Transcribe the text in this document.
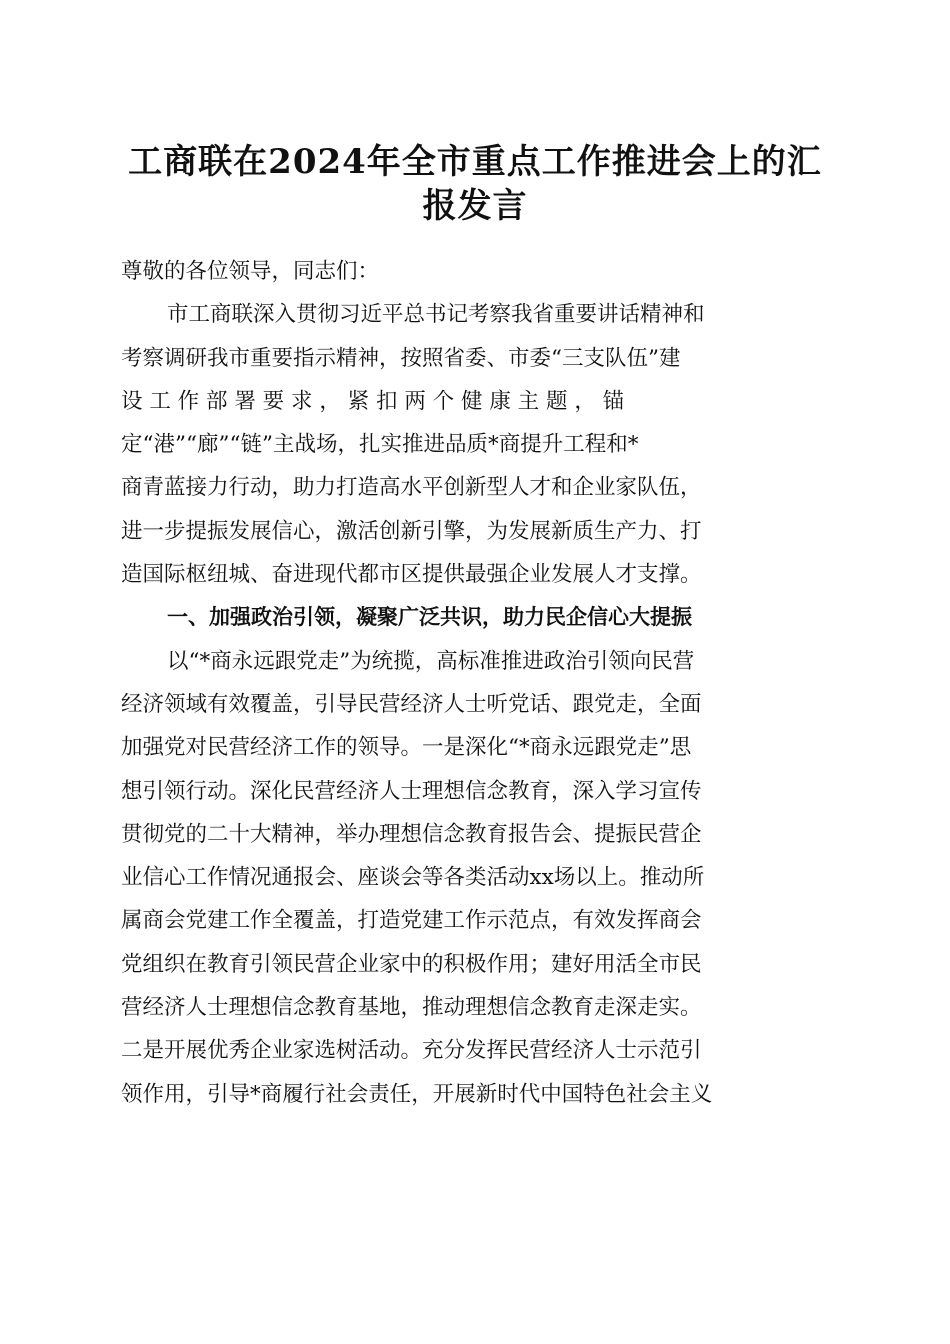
工商联在2024年全市重点工作推进会上的汇
报发言
尊敬的各位领导，同志们：
市工商联深入贯彻习近平总书记考察我省重要讲话精神和
考察调研我市重要指示精神，按照省委、市委“三支队伍”建
设 工 作 部 署 要 求 ， 紧 扣 两 个 健 康 主 题 ， 锚
定“港”“廊”“链”主战场，扎实推进品质*商提升工程和*
商青蓝接力行动，助力打造高水平创新型人才和企业家队伍，
进一步提振发展信心，激活创新引擎，为发展新质生产力、打
造国际枢纽城、奋进现代都市区提供最强企业发展人才支撑。
一、加强政治引领，凝聚广泛共识，助力民企信心大提振
以“*商永远跟党走”为统揽，高标准推进政治引领向民营
经济领域有效覆盖，引导民营经济人士听党话、跟党走，全面
加强党对民营经济工作的领导。一是深化“*商永远跟党走”思
想引领行动。深化民营经济人士理想信念教育，深入学习宣传
贯彻党的二十大精神，举办理想信念教育报告会、提振民营企
业信心工作情况通报会、座谈会等各类活动xx场以上。推动所
属商会党建工作全覆盖，打造党建工作示范点，有效发挥商会
党组织在教育引领民营企业家中的积极作用；建好用活全市民
营经济人士理想信念教育基地，推动理想信念教育走深走实。
二是开展优秀企业家选树活动。充分发挥民营经济人士示范引
领作用，引导*商履行社会责任，开展新时代中国特色社会主义
